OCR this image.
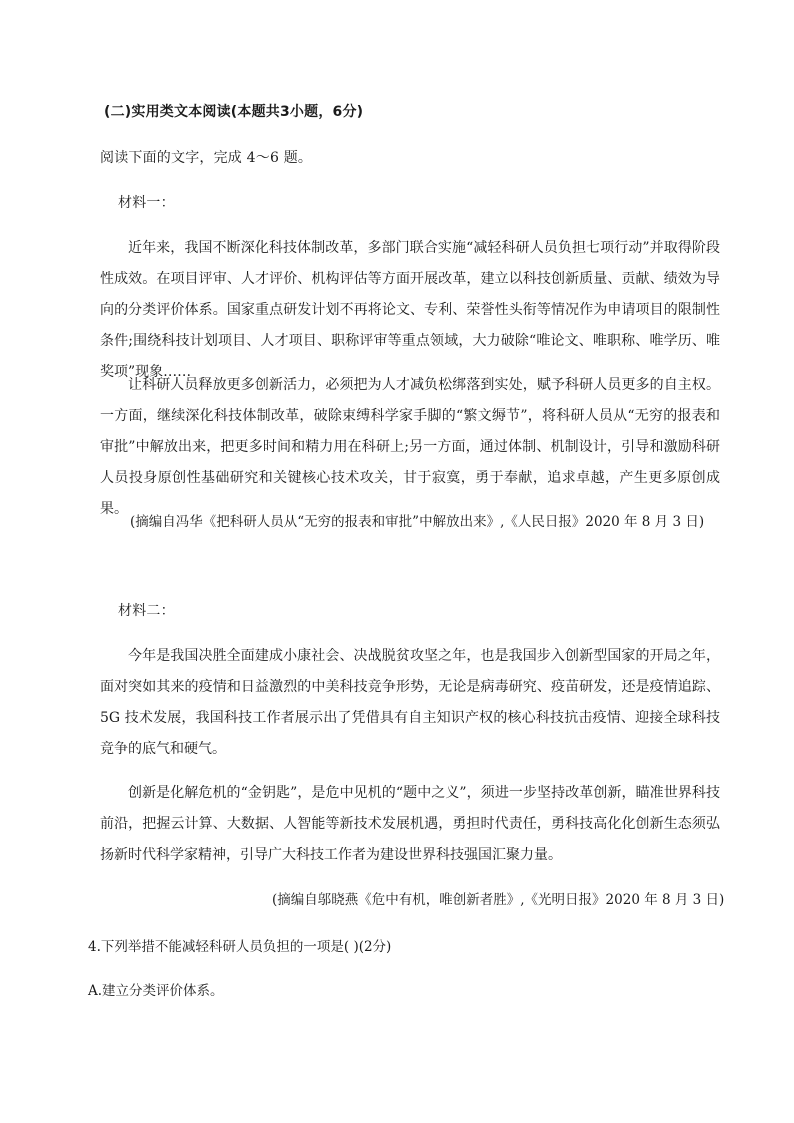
(二)实用类文本阅读(本题共3小题，6分)
阅读下面的文字，完成 4～6 题。
材料一：

近年来，我国不断深化科技体制改革，多部门联合实施“减轻科研人员负担七项行动”并取得阶段性成效。在项目评审、人才评价、机构评估等方面开展改革，建立以科技创新质量、贡献、绩效为导向的分类评价体系。国家重点研发计划不再将论文、专利、荣誉性头衔等情况作为申请项目的限制性条件;围绕科技计划项目、人才项目、职称评审等重点领域，大力破除“唯论文、唯职称、唯学历、唯奖项”现象……

让科研人员释放更多创新活力，必须把为人才减负松绑落到实处，赋予科研人员更多的自主权。一方面，继续深化科技体制改革，破除束缚科学家手脚的“繁文缛节”，将科研人员从“无穷的报表和审批”中解放出来，把更多时间和精力用在科研上;另一方面，通过体制、机制设计，引导和激励科研人员投身原创性基础研究和关键核心技术攻关，甘于寂寞，勇于奉献，追求卓越，产生更多原创成果。

(摘编自冯华《把科研人员从“无穷的报表和审批”中解放出来》,《人民日报》2020 年 8 月 3 日)
材料二：

今年是我国决胜全面建成小康社会、决战脱贫攻坚之年，也是我国步入创新型国家的开局之年，面对突如其来的疫情和日益激烈的中美科技竞争形势，无论是病毒研究、疫苗研发，还是疫情追踪、5G 技术发展，我国科技工作者展示出了凭借具有自主知识产权的核心科技抗击疫情、迎接全球科技竞争的底气和硬气。

创新是化解危机的“金钥匙”，是危中见机的“题中之义”，须进一步坚持改革创新，瞄准世界科技前沿，把握云计算、大数据、人智能等新技术发展机遇，勇担时代责任，勇科技高化化创新生态须弘扬新时代科学家精神，引导广大科技工作者为建设世界科技强国汇聚力量。

(摘编自邬晓燕《危中有机，唯创新者胜》,《光明日报》2020 年 8 月 3 日)
4.下列举措不能减轻科研人员负担的一项是( )(2分)
A.建立分类评价体系。
